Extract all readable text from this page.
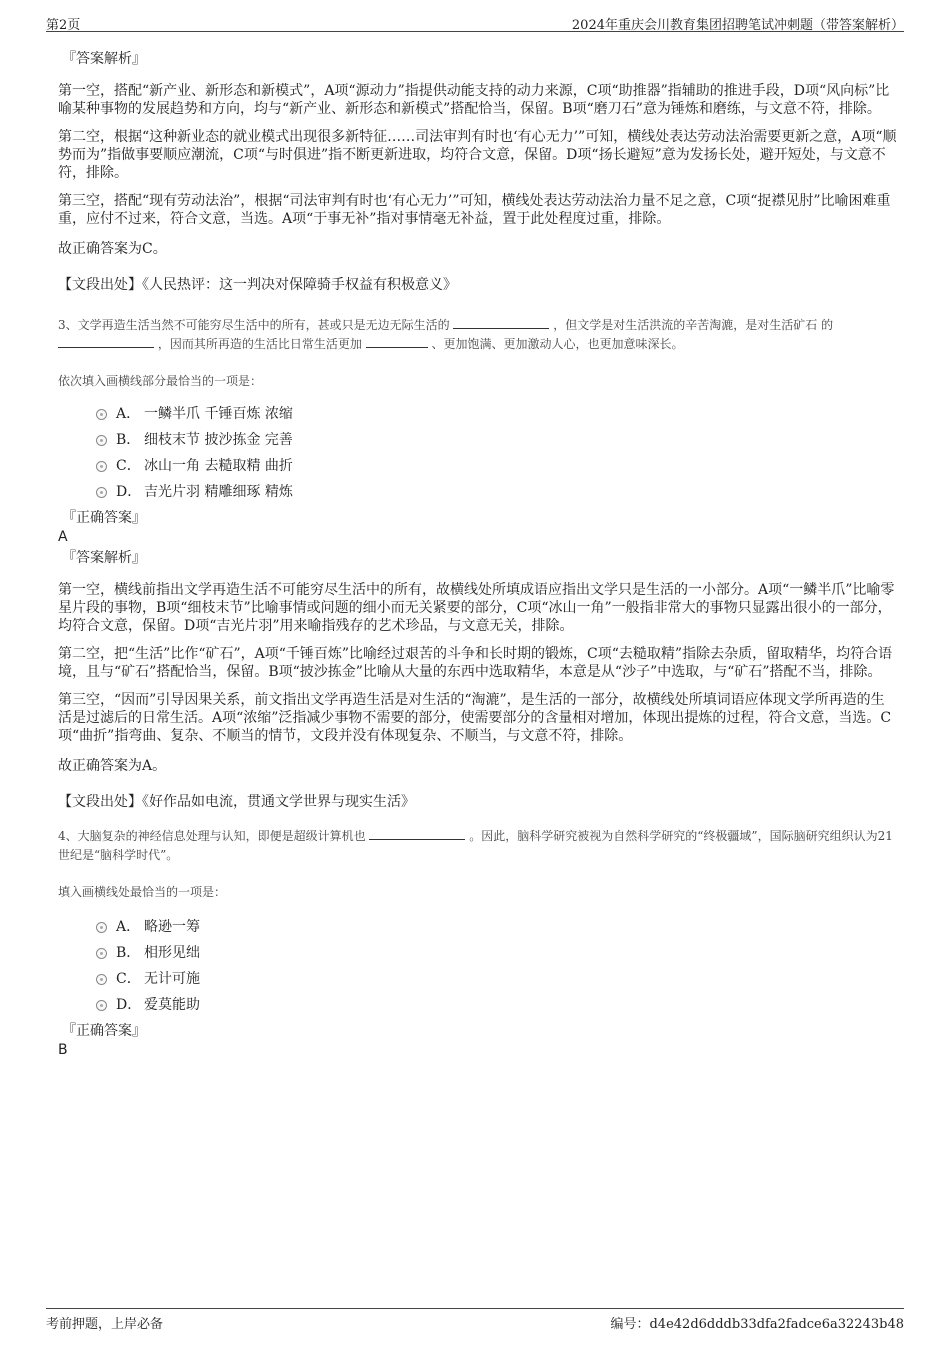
第2页	2024年重庆会川教育集团招聘笔试冲刺题（带答案解析）
『答案解析』

第一空，搭配“新产业、新形态和新模式”，A项“源动力”指提供动能支持的动力来源，C项“助推器”指辅助的推进手段，D项“风向标”比喻某种事物的发展趋势和方向，均与“新产业、新形态和新模式”搭配恰当，保留。B项“磨刀石”意为锤炼和磨练，与文意不符，排除。

第二空，根据“这种新业态的就业模式出现很多新特征……司法审判有时也‘有心无力’”可知，横线处表达劳动法治需要更新之意，A项“顺势而为”指做事要顺应潮流，C项“与时俱进”指不断更新进取，均符合文意，保留。D项“扬长避短”意为发扬长处，避开短处，与文意不符，排除。

第三空，搭配“现有劳动法治”，根据“司法审判有时也‘有心无力’”可知，横线处表达劳动法治力量不足之意，C项“捉襟见肘”比喻困难重重，应付不过来，符合文意，当选。A项“于事无补”指对事情毫无补益，置于此处程度过重，排除。

故正确答案为C。

【文段出处】《人民热评：这一判决对保障骑手权益有积极意义》

3、文学再造生活当然不可能穷尽生活中的所有，甚或只是无边无际生活的	，但文学是对生活洪流的辛苦淘漉，是对生活矿石 的  ，因而其所再造的生活比日常生活更加	、更加饱满、更加激动人心，也更加意味深长。

依次填入画横线部分最恰当的一项是：

A． 一鳞半爪 千锤百炼 浓缩
B． 细枝末节 披沙拣金 完善
C． 冰山一角 去糙取精 曲折
D． 吉光片羽 精雕细琢 精炼
『正确答案』
A
『答案解析』

第一空，横线前指出文学再造生活不可能穷尽生活中的所有，故横线处所填成语应指出文学只是生活的一小部分。A项“一鳞半爪”比喻零星片段的事物，B项“细枝末节”比喻事情或问题的细小而无关紧要的部分，C项“冰山一角”一般指非常大的事物只显露出很小的一部分，均符合文意，保留。D项“吉光片羽”用来喻指残存的艺术珍品，与文意无关，排除。

第二空，把“生活”比作“矿石”，A项“千锤百炼”比喻经过艰苦的斗争和长时期的锻炼，C项“去糙取精”指除去杂质，留取精华，均符合语境，且与“矿石”搭配恰当，保留。B项“披沙拣金”比喻从大量的东西中选取精华，本意是从“沙子”中选取，与“矿石”搭配不当，排除。

第三空，“因而”引导因果关系，前文指出文学再造生活是对生活的“淘漉”，是生活的一部分，故横线处所填词语应体现文学所再造的生活是过滤后的日常生活。A项“浓缩”泛指减少事物不需要的部分，使需要部分的含量相对增加，体现出提炼的过程，符合文意，当选。C项“曲折”指弯曲、复杂、不顺当的情节，文段并没有体现复杂、不顺当，与文意不符，排除。

故正确答案为A。

【文段出处】《好作品如电流，贯通文学世界与现实生活》

4、大脑复杂的神经信息处理与认知，即便是超级计算机也	。因此，脑科学研究被视为自然科学研究的“终极疆域”，国际脑研究组织认为21世纪是“脑科学时代”。

填入画横线处最恰当的一项是：

A． 略逊一筹
B． 相形见绌
C． 无计可施
D． 爱莫能助
『正确答案』
B
考前押题，上岸必备	编号：d4e42d6dddb33dfa2fadce6a32243b48
